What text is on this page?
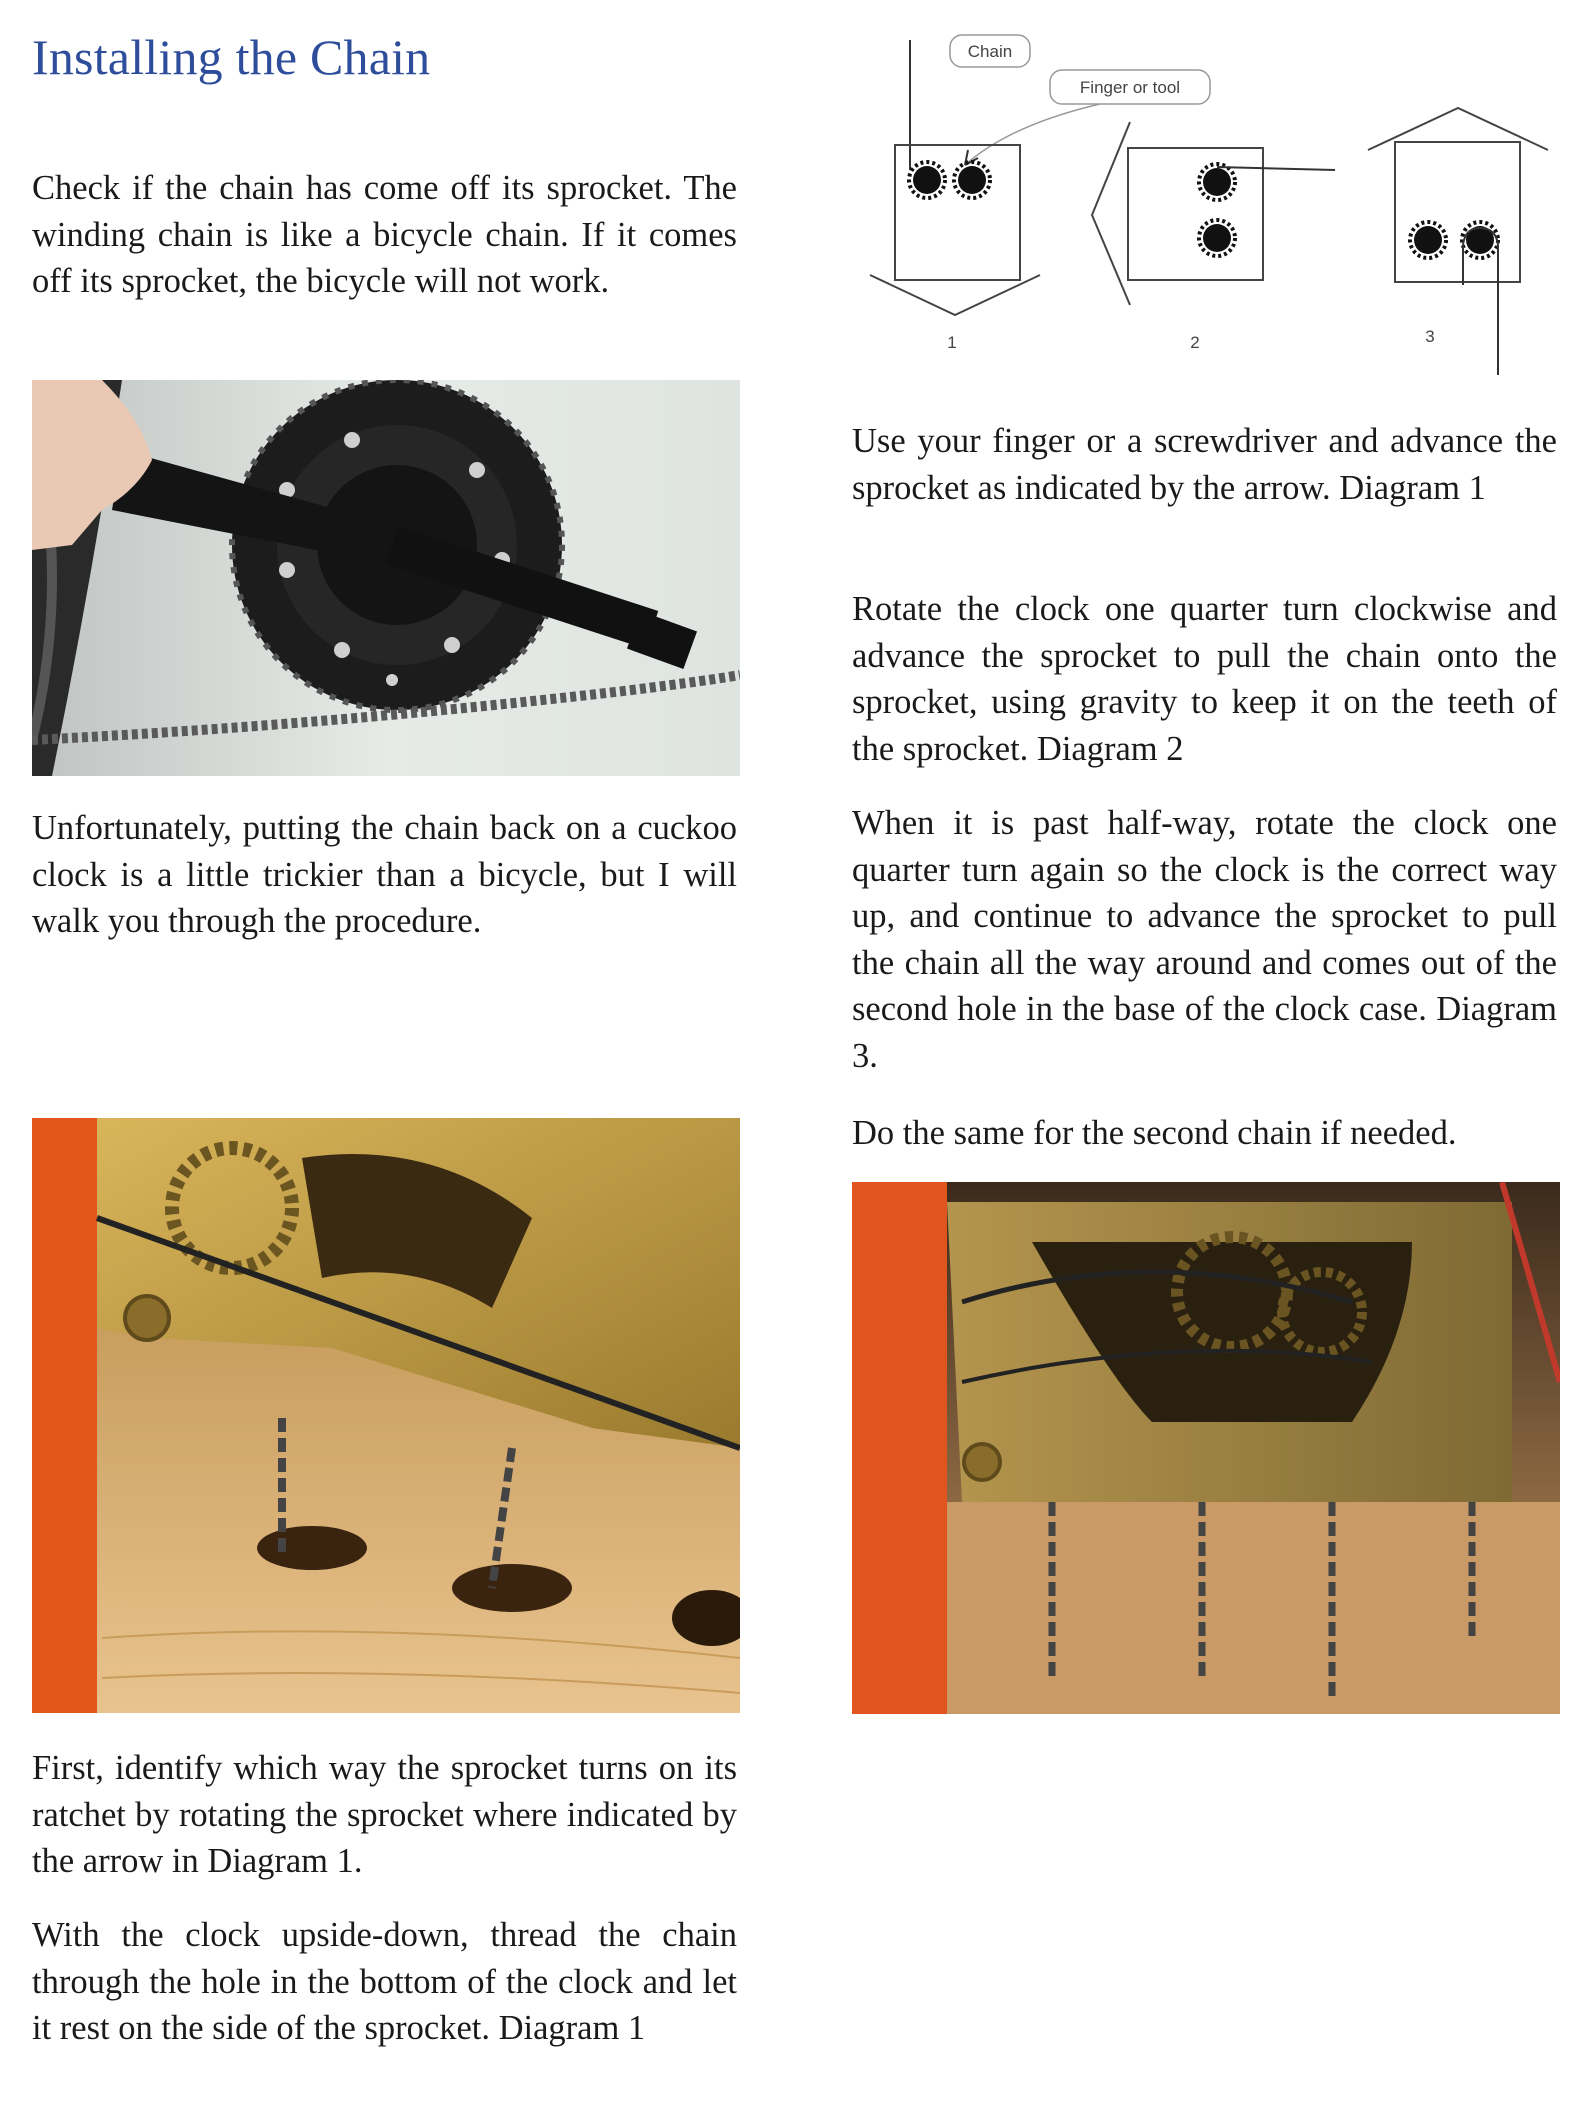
Installing the Chain

Check if the chain has come off its sprocket. The winding chain is like a bicycle chain. If it comes off its sprocket, the bicycle will not work.

Unfortunately, putting the chain back on a cuckoo clock is a little trickier than a bicycle, but I will walk you through the procedure.

First, identify which way the sprocket turns on its ratchet by rotating the sprocket where indicated by the arrow in Diagram 1.

With the clock upside-down, thread the chain through the hole in the bottom of the clock and let it rest on the side of the sprocket. Diagram 1

Chain
Finger or tool
1	2	3

Use your finger or a screwdriver and advance the sprocket as indicated by the arrow. Diagram 1

Rotate the clock one quarter turn clockwise and advance the sprocket to pull the chain onto the sprocket, using gravity to keep it on the teeth of the sprocket. Diagram 2

When it is past half-way, rotate the clock one quarter turn again so the clock is the correct way up, and continue to advance the sprocket to pull the chain all the way around and comes out of the second hole in the base of the clock case. Diagram 3.

Do the same for the second chain if needed.
